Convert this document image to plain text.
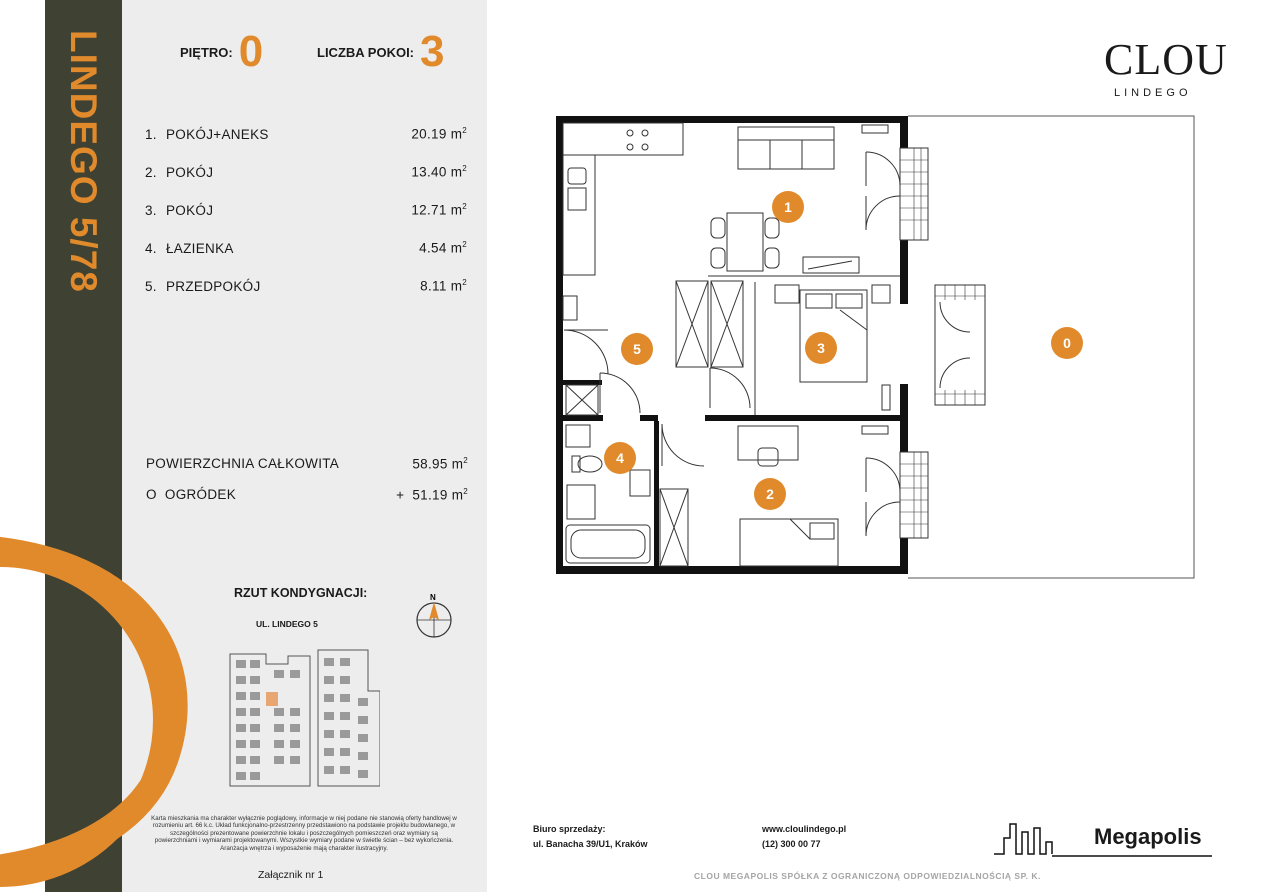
LINDEGO 5/78	PIĘTRO: 0	LICZBA POKOI: 3
1. POKÓJ+ANEKS	20.19 $m^2$
2. POKÓJ	13.40 $m^2$
3. POKÓJ	12.71 $m^2$
4. ŁAZIENKA	4.54 $m^2$
5. PRZEDPOKÓJ	8.11 $m^2$
POWIERZCHNIA CAŁKOWITA	58.95 $m^2$
O  OGRÓDEK	+  51.19 $m^2$
RZUT KONDYGNACJI:
UL. LINDEGO 5
N
Karta mieszkania ma charakter wyłącznie poglądowy, informacje w niej podane nie stanowią oferty handlowej w rozumieniu art. 66 k.c. Układ funkcjonalno-przestrzenny przedstawiono na podstawie projektu budowlanego, w szczególności prezentowane powierzchnie lokalu i poszczególnych pomieszczeń oraz wymiary są powierzchniami i wymiarami projektowanymi. Wszystkie wymiary podane w świetle ścian – bez wykończenia. Aranżacja wnętrza i wyposażenie mają charakter ilustracyjny.
Załącznik nr 1
CLOU
LINDEGO
1
2
3
4
5	0
Biuro sprzedaży:
ul. Banacha 39/U1, Kraków
www.cloulindego.pl
(12) 300 00 77	Megapolis
CLOU MEGAPOLIS SPÓŁKA Z OGRANICZONĄ ODPOWIEDZIALNOŚCIĄ SP. K.
